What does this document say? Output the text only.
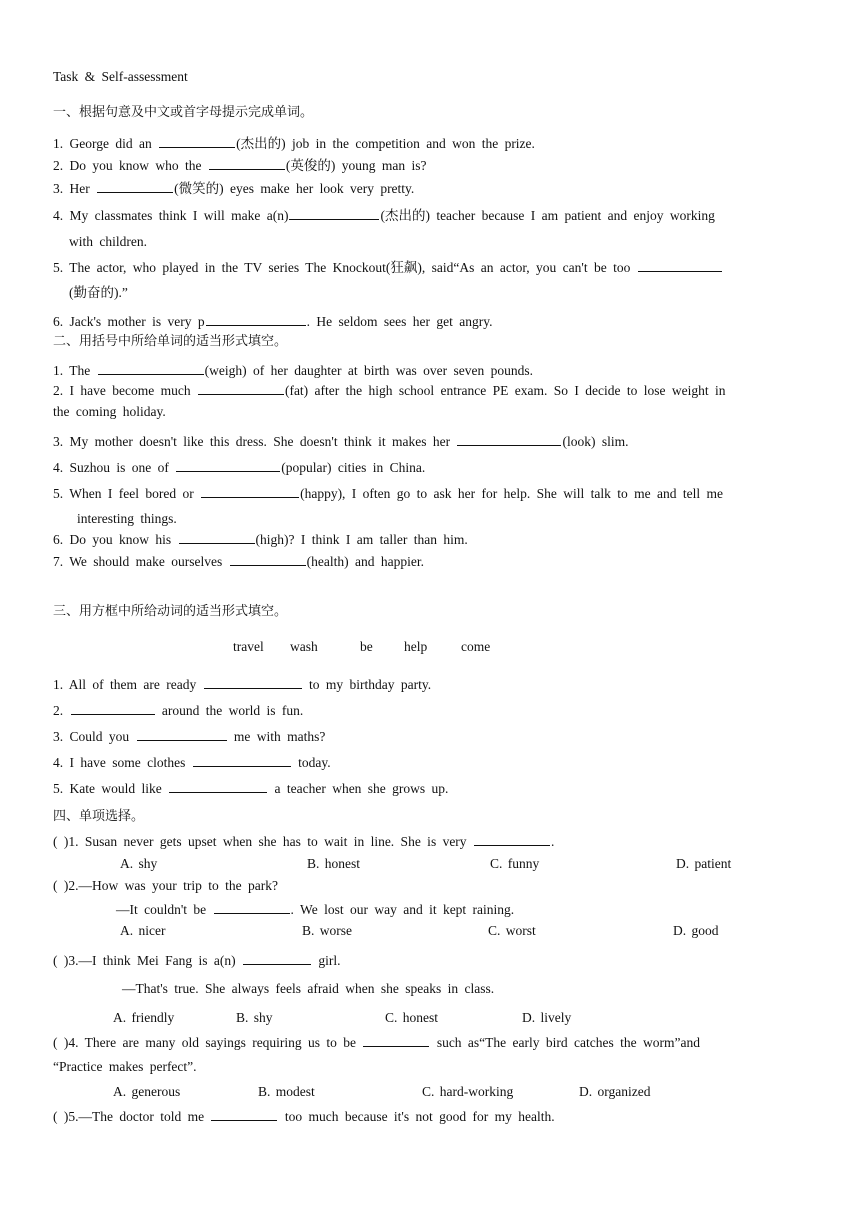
Task & Self-assessment
一、根据句意及中文或首字母提示完成单词。
1. George did an	(杰出的) job in the competition and won the prize.
2. Do you know who the	(英俊的) young man is?
3. Her	(微笑的) eyes make her look very pretty.
4. My classmates think I will make a(n)	(杰出的) teacher because I am patient and enjoy working
with children.
5. The actor, who played in the TV series The Knockout(狂飙), said“As an actor, you can't be too
(勤奋的).”
6. Jack's mother is very p	. He seldom sees her get angry.
二、用括号中所给单词的适当形式填空。
1. The	(weigh) of her daughter at birth was over seven pounds.
2. I have become much	(fat) after the high school entrance PE exam. So I decide to lose weight in
the coming holiday.
3. My mother doesn't like this dress. She doesn't think it makes her	(look) slim.
4. Suzhou is one of	(popular) cities in China.
5. When I feel bored or	(happy), I often go to ask her for help. She will talk to me and tell me
interesting things.
6. Do you know his	(high)? I think I am taller than him.
7. We should make ourselves	(health) and happier.
三、用方框中所给动词的适当形式填空。
travel wash	be help	come
1. All of them are ready	to my birthday party.
2.	around the world is fun.
3. Could you	me with maths?
4. I have some clothes	today.
5. Kate would like	a teacher when she grows up.
四、单项选择。
( )1. Susan never gets upset when she has to wait in line. She is very	.
A. shy	B. honest	C. funny	D. patient
( )2.—How was your trip to the park?
—It couldn't be	. We lost our way and it kept raining.
A. nicer	B. worse	C. worst	D. good
( )3.—I think Mei Fang is a(n)	girl.
—That's true. She always feels afraid when she speaks in class.
A. friendly	B. shy	C. honest	D. lively
( )4. There are many old sayings requiring us to be	such as“The early bird catches the worm”and
“Practice makes perfect”.
A. generous	B. modest	C. hard-working	D. organized
( )5.—The doctor told me	too much because it's not good for my health.
